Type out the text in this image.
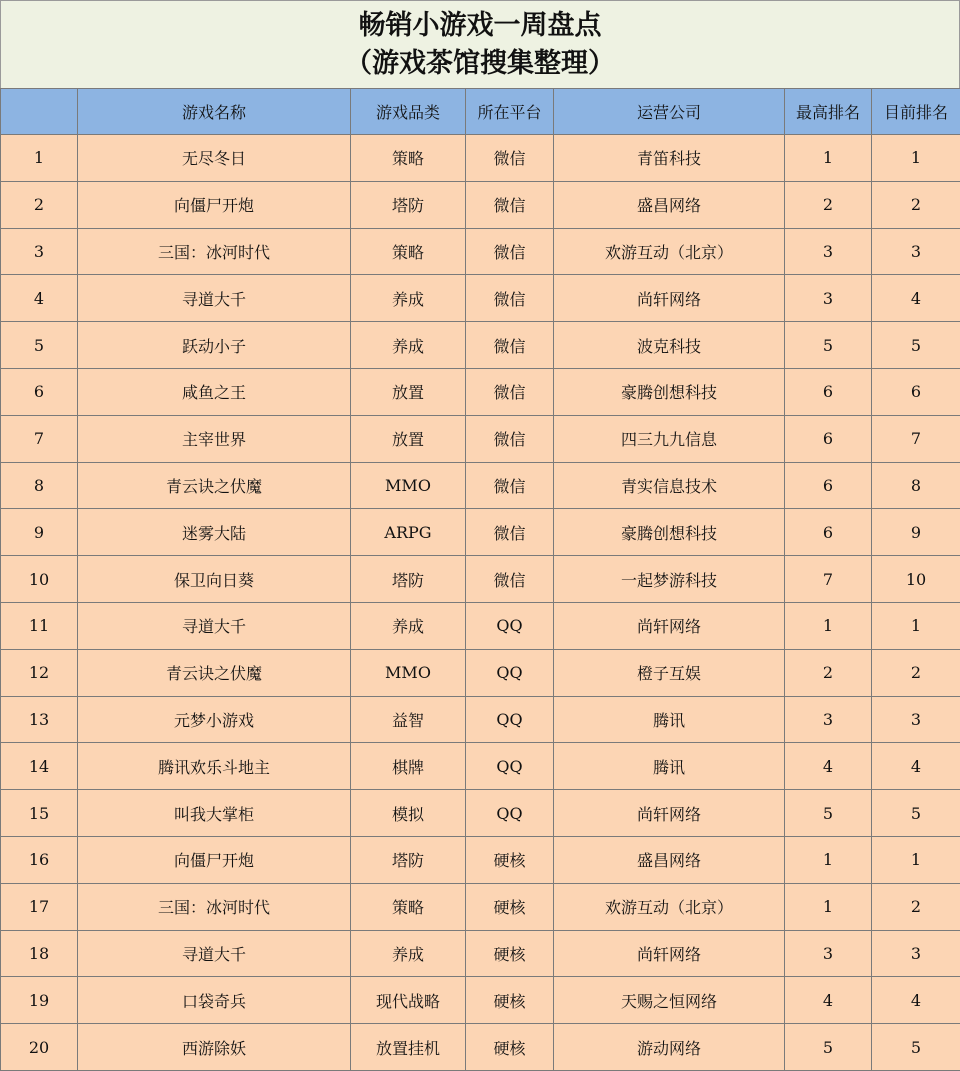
畅销小游戏一周盘点
（游戏茶馆搜集整理）
	游戏名称	游戏品类	所在平台	运营公司	最高排名	目前排名
1	无尽冬日	策略	微信	青笛科技	1	1
2	向僵尸开炮	塔防	微信	盛昌网络	2	2
3	三国：冰河时代	策略	微信	欢游互动（北京）	3	3
4	寻道大千	养成	微信	尚轩网络	3	4
5	跃动小子	养成	微信	波克科技	5	5
6	咸鱼之王	放置	微信	豪腾创想科技	6	6
7	主宰世界	放置	微信	四三九九信息	6	7
8	青云诀之伏魔	MMO	微信	青实信息技术	6	8
9	迷雾大陆	ARPG	微信	豪腾创想科技	6	9
10	保卫向日葵	塔防	微信	一起梦游科技	7	10
11	寻道大千	养成	QQ	尚轩网络	1	1
12	青云诀之伏魔	MMO	QQ	橙子互娱	2	2
13	元梦小游戏	益智	QQ	腾讯	3	3
14	腾讯欢乐斗地主	棋牌	QQ	腾讯	4	4
15	叫我大掌柜	模拟	QQ	尚轩网络	5	5
16	向僵尸开炮	塔防	硬核	盛昌网络	1	1
17	三国：冰河时代	策略	硬核	欢游互动（北京）	1	2
18	寻道大千	养成	硬核	尚轩网络	3	3
19	口袋奇兵	现代战略	硬核	天赐之恒网络	4	4
20	西游除妖	放置挂机	硬核	游动网络	5	5
